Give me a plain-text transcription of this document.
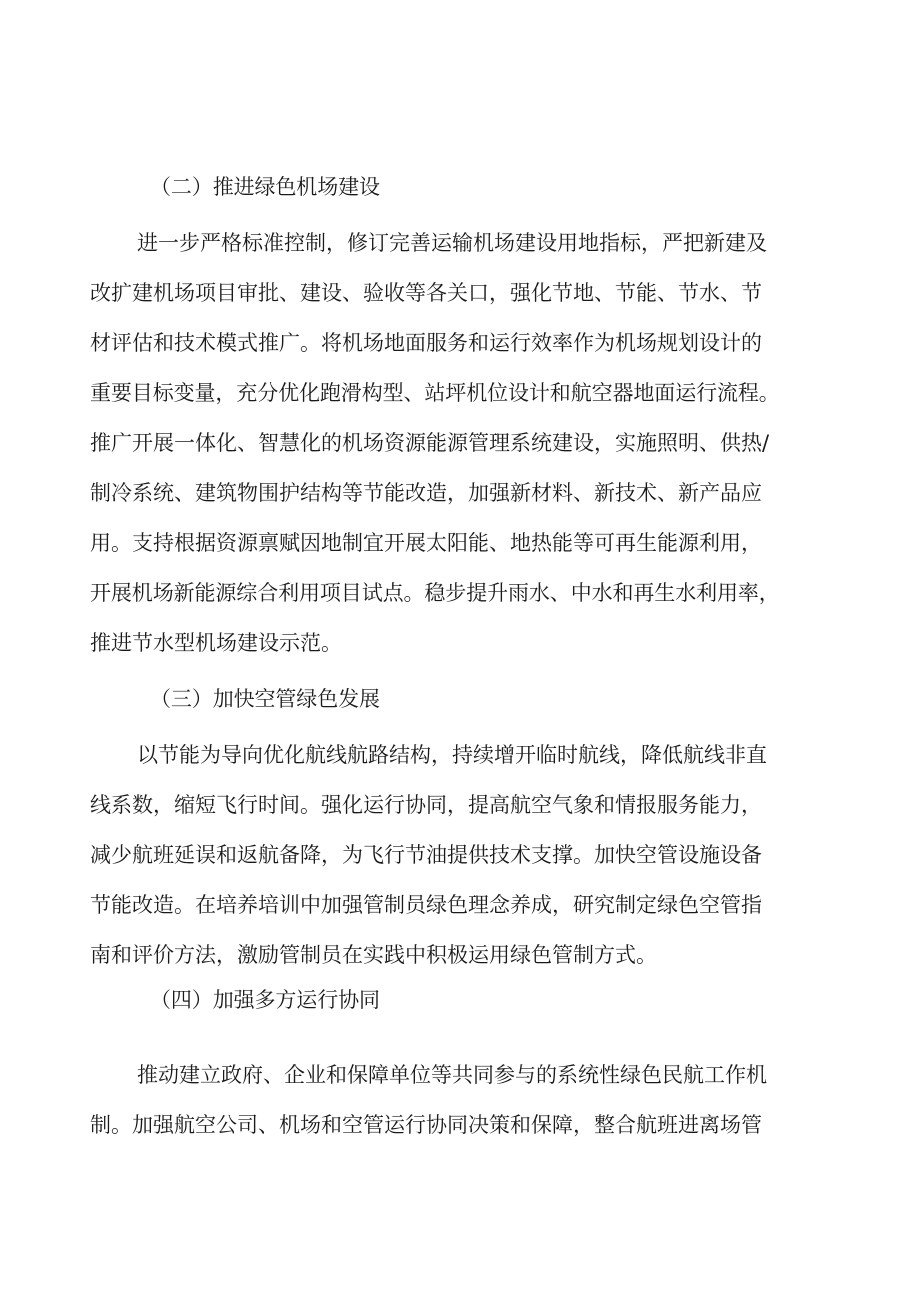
（二）推进绿色机场建设
进一步严格标准控制，修订完善运输机场建设用地指标，严把新建及
改扩建机场项目审批、建设、验收等各关口，强化节地、节能、节水、节
材评估和技术模式推广。将机场地面服务和运行效率作为机场规划设计的
重要目标变量，充分优化跑滑构型、站坪机位设计和航空器地面运行流程。
推广开展一体化、智慧化的机场资源能源管理系统建设，实施照明、供热/
制冷系统、建筑物围护结构等节能改造，加强新材料、新技术、新产品应
用。支持根据资源禀赋因地制宜开展太阳能、地热能等可再生能源利用，
开展机场新能源综合利用项目试点。稳步提升雨水、中水和再生水利用率，
推进节水型机场建设示范。
（三）加快空管绿色发展
以节能为导向优化航线航路结构，持续增开临时航线，降低航线非直
线系数，缩短飞行时间。强化运行协同，提高航空气象和情报服务能力，
减少航班延误和返航备降，为飞行节油提供技术支撑。加快空管设施设备
节能改造。在培养培训中加强管制员绿色理念养成，研究制定绿色空管指
南和评价方法，激励管制员在实践中积极运用绿色管制方式。
（四）加强多方运行协同
推动建立政府、企业和保障单位等共同参与的系统性绿色民航工作机
制。加强航空公司、机场和空管运行协同决策和保障，整合航班进离场管
